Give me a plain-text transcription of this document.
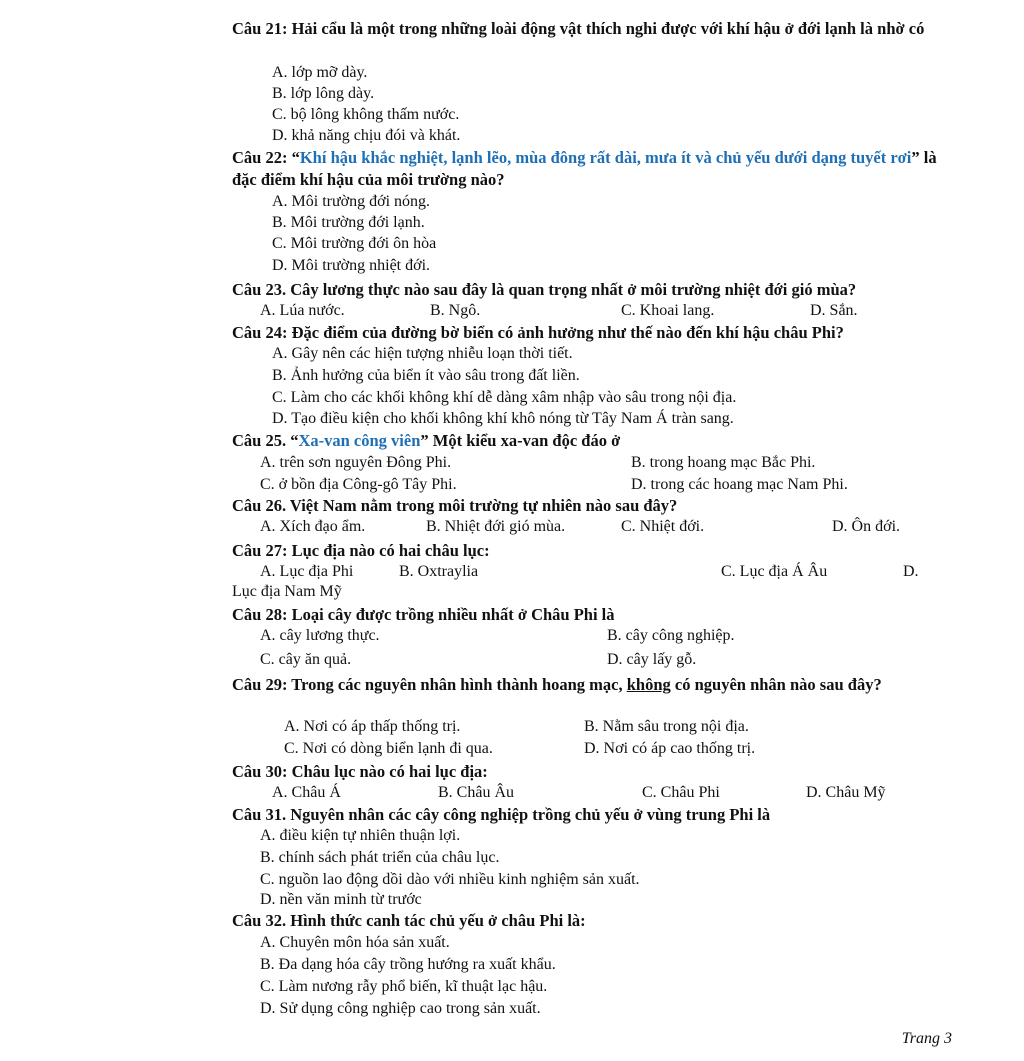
Câu 21: Hải cẩu là một trong những loài động vật thích nghi được với khí hậu ở đới lạnh là nhờ có
A. lớp mỡ dày.
B. lớp lông dày.
C. bộ lông không thấm nước.
D. khả năng chịu đói và khát.
Câu 22: “Khí hậu khắc nghiệt, lạnh lẽo, mùa đông rất dài, mưa ít và chủ yếu dưới dạng tuyết rơi” là đặc điểm khí hậu của môi trường nào?
A. Môi trường đới nóng.
B. Môi trường đới lạnh.
C. Môi trường đới ôn hòa
D. Môi trường nhiệt đới.
Câu 23. Cây lương thực nào sau đây là quan trọng nhất ở môi trường nhiệt đới gió mùa?
A. Lúa nước.	B. Ngô.	C. Khoai lang.	D. Sắn.
Câu 24: Đặc điểm của đường bờ biển có ảnh hưởng như thế nào đến khí hậu châu Phi?
A. Gây nên các hiện tượng nhiễu loạn thời tiết.
B. Ảnh hưởng của biển ít vào sâu trong đất liền.
C. Làm cho các khối không khí dễ dàng xâm nhập vào sâu trong nội địa.
D. Tạo điều kiện cho khối không khí khô nóng từ Tây Nam Á tràn sang.
Câu 25. “Xa-van công viên” Một kiểu xa-van độc đáo ở
A. trên sơn nguyên Đông Phi.	B. trong hoang mạc Bắc Phi.
C. ở bồn địa Công-gô Tây Phi.	D. trong các hoang mạc Nam Phi.
Câu 26. Việt Nam nằm trong môi trường tự nhiên nào sau đây?
A. Xích đạo ẩm.	B. Nhiệt đới gió mùa.	C. Nhiệt đới.	D. Ôn đới.
Câu 27: Lục địa nào có hai châu lục:
A. Lục địa Phi	B. Oxtraylia	C. Lục địa Á Âu	D.
Lục địa Nam Mỹ
Câu 28: Loại cây được trồng nhiều nhất ở Châu Phi là
A. cây lương thực.	B. cây công nghiệp.
C. cây ăn quả.	D. cây lấy gỗ.
Câu 29: Trong các nguyên nhân hình thành hoang mạc, không có nguyên nhân nào sau đây?
A. Nơi có áp thấp thống trị.	B. Nằm sâu trong nội địa.
C. Nơi có dòng biển lạnh đi qua.	D. Nơi có áp cao thống trị.
Câu 30: Châu lục nào có hai lục địa:
A. Châu Á	B. Châu Âu	C. Châu Phi	D. Châu Mỹ
Câu 31. Nguyên nhân các cây công nghiệp trồng chủ yếu ở vùng trung Phi là
A. điều kiện tự nhiên thuận lợi.
B. chính sách phát triển của châu lục.
C. nguồn lao động dồi dào với nhiều kinh nghiệm sản xuất.
D. nền văn minh từ trước
Câu 32. Hình thức canh tác chủ yếu ở châu Phi là:
A. Chuyên môn hóa sản xuất.
B. Đa dạng hóa cây trồng hướng ra xuất khẩu.
C. Làm nương rẫy phổ biến, kĩ thuật lạc hậu.
D. Sử dụng công nghiệp cao trong sản xuất.
Trang 3
